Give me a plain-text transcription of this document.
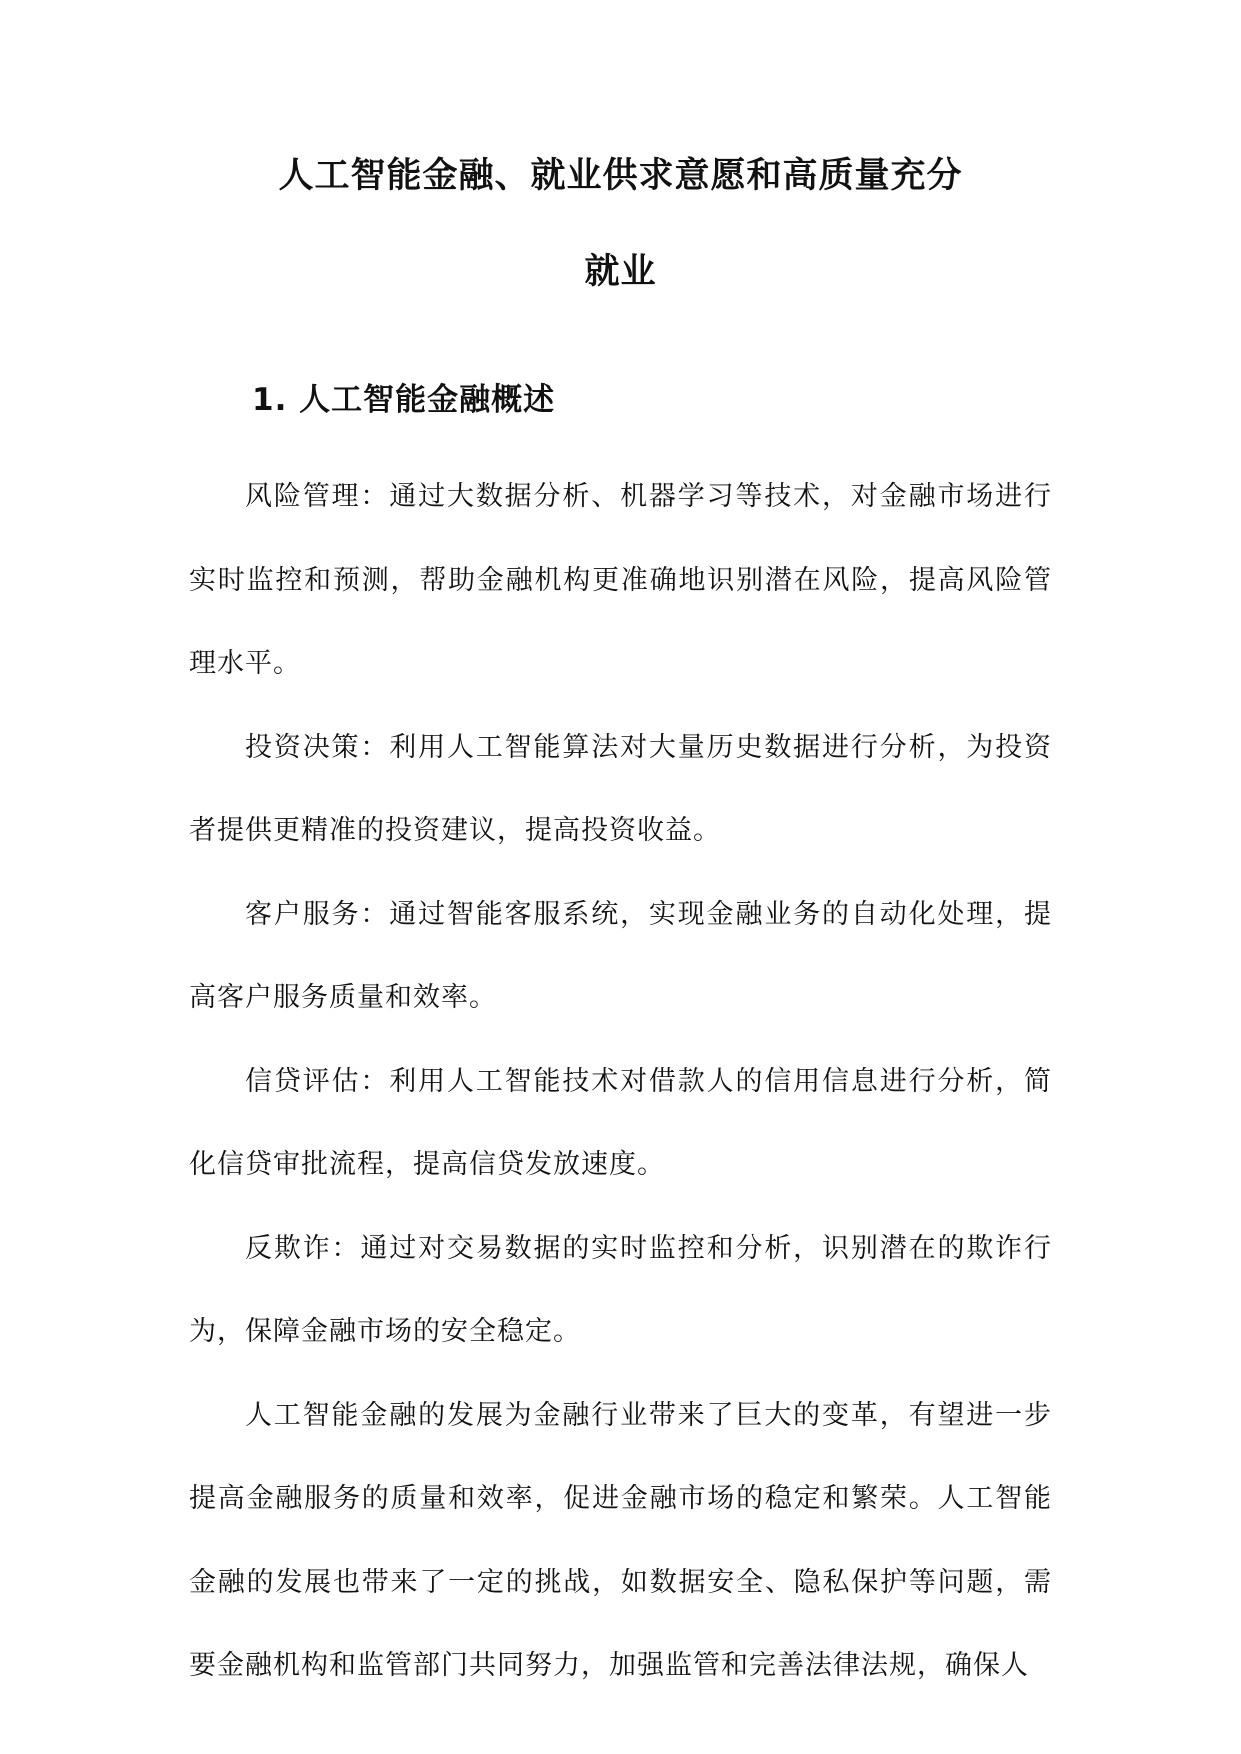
人工智能金融、就业供求意愿和高质量充分
就业
1. 人工智能金融概述

风险管理：通过大数据分析、机器学习等技术，对金融市场进行实时监控和预测，帮助金融机构更准确地识别潜在风险，提高风险管理水平。

投资决策：利用人工智能算法对大量历史数据进行分析，为投资者提供更精准的投资建议，提高投资收益。

客户服务：通过智能客服系统，实现金融业务的自动化处理，提高客户服务质量和效率。

信贷评估：利用人工智能技术对借款人的信用信息进行分析，简化信贷审批流程，提高信贷发放速度。

反欺诈：通过对交易数据的实时监控和分析，识别潜在的欺诈行为，保障金融市场的安全稳定。

人工智能金融的发展为金融行业带来了巨大的变革，有望进一步提高金融服务的质量和效率，促进金融市场的稳定和繁荣。人工智能金融的发展也带来了一定的挑战，如数据安全、隐私保护等问题，需要金融机构和监管部门共同努力，加强监管和完善法律法规，确保人
